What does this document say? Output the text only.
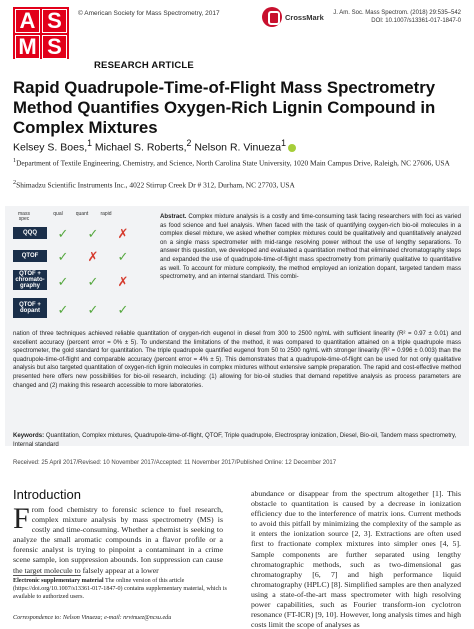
A S
M S
© American Society for Mass Spectrometry, 2017	CrossMark J. Am. Soc. Mass Spectrom. (2018) 29:535–542
DOI: 10.1007/s13361-017-1847-0
RESEARCH ARTICLE
Rapid Quadrupole-Time-of-Flight Mass Spectrometry Method Quantifies Oxygen-Rich Lignin Compound in Complex Mixtures
Kelsey S. Boes,$^1$ Michael S. Roberts,$^2$ Nelson R. Vinueza$^1$
$^1$Department of Textile Engineering, Chemistry, and Science, North Carolina State University, 1020 Main Campus Drive, Raleigh, NC 27606, USA
$^2$Shimadzu Scientific Instruments Inc., 4022 Stirrup Creek Dr # 312, Durham, NC 27703, USA
mass spec
qual	quant	rapid
QQQ	✓	✓	✗
QTOF	✓	✗	✓
QTOF + chromato- graphy	✓	✓	✗
QTOF + dopant	✓	✓	✓
Abstract. Complex mixture analysis is a costly and time-consuming task facing researchers with foci as varied as food science and fuel analysis. When faced with the task of quantifying oxygen-rich bio-oil molecules in a complex diesel mixture, we asked whether complex mixtures could be qualitatively and quantitatively analyzed on a single mass spectrometer with mid-range resolving power without the use of lengthy separations. To answer this question, we developed and evaluated a quantitation method that eliminated chromatography steps and expanded the use of quadrupole-time-of-flight mass spectrometry from primarily qualitative to quantitative as well. To account for mixture complexity, the method employed an ionization dopant, targeted tandem mass spectrometry, and an internal standard. This combi-
nation of three techniques achieved reliable quantitation of oxygen-rich eugenol in diesel from 300 to 2500 ng/mL with sufficient linearity (R² = 0.97 ± 0.01) and excellent accuracy (percent error = 0% ± 5). To understand the limitations of the method, it was compared to quantitation attained on a triple quadrupole mass spectrometer, the gold standard for quantitation. The triple quadrupole quantified eugenol from 50 to 2500 ng/mL with stronger linearity (R² = 0.996 ± 0.003) than the quadrupole-time-of-flight and comparable accuracy (percent error = 4% ± 5). This demonstrates that a quadrupole-time-of-flight can be used for not only qualitative analysis but also targeted quantitation of oxygen-rich lignin molecules in complex mixtures without extensive sample preparation. The rapid and cost-effective method presented here offers new possibilities for bio-oil research, including: (1) allowing for bio-oil studies that demand repetitive analysis as process parameters are changed and (2) making this research accessible to more laboratories.
Keywords: Quantitation, Complex mixtures, Quadrupole-time-of-flight, QTOF, Triple quadrupole, Electrospray ionization, Diesel, Bio-oil, Tandem mass spectrometry, Internal standard
Received: 25 April 2017/Revised: 10 November 2017/Accepted: 11 November 2017/Published Online: 12 December 2017
Introduction
From food chemistry to forensic science to fuel research, complex mixture analysis by mass spectrometry (MS) is costly and time-consuming. Whether a chemist is seeking to analyze the small aromatic compounds in a flavor profile or a forensic analyst is trying to pinpoint a contaminant in a crime scene sample, ion suppression abounds. Ion suppression can cause the target molecule to falsely appear at a lower
abundance or disappear from the spectrum altogether [1]. This obstacle to quantitation is caused by a decrease in ionization efficiency due to the interference of matrix ions. Current methods to avoid this pitfall by minimizing the complexity of the sample as it enters the ionization source [2, 3]. Extractions are often used first to fractionate complex mixtures into simpler ones [4, 5]. Sample components are further separated using lengthy chromatographic methods, such as two-dimensional gas chromatography [6, 7] and high performance liquid chromatography (HPLC) [8]. Simplified samples are then analyzed using a state-of-the-art mass spectrometer with high resolving power capabilities, such as Fourier transform-ion cyclotron resonance (FT-ICR) [9, 10]. However, long analysis times and high costs limit the scope of analyses as
Electronic supplementary material The online version of this article (https://doi.org/10.1007/s13361-017-1847-0) contains supplementary material, which is available to authorized users.
Correspondence to: Nelson Vinueza; e-mail: nrvinuez@ncsu.edu
